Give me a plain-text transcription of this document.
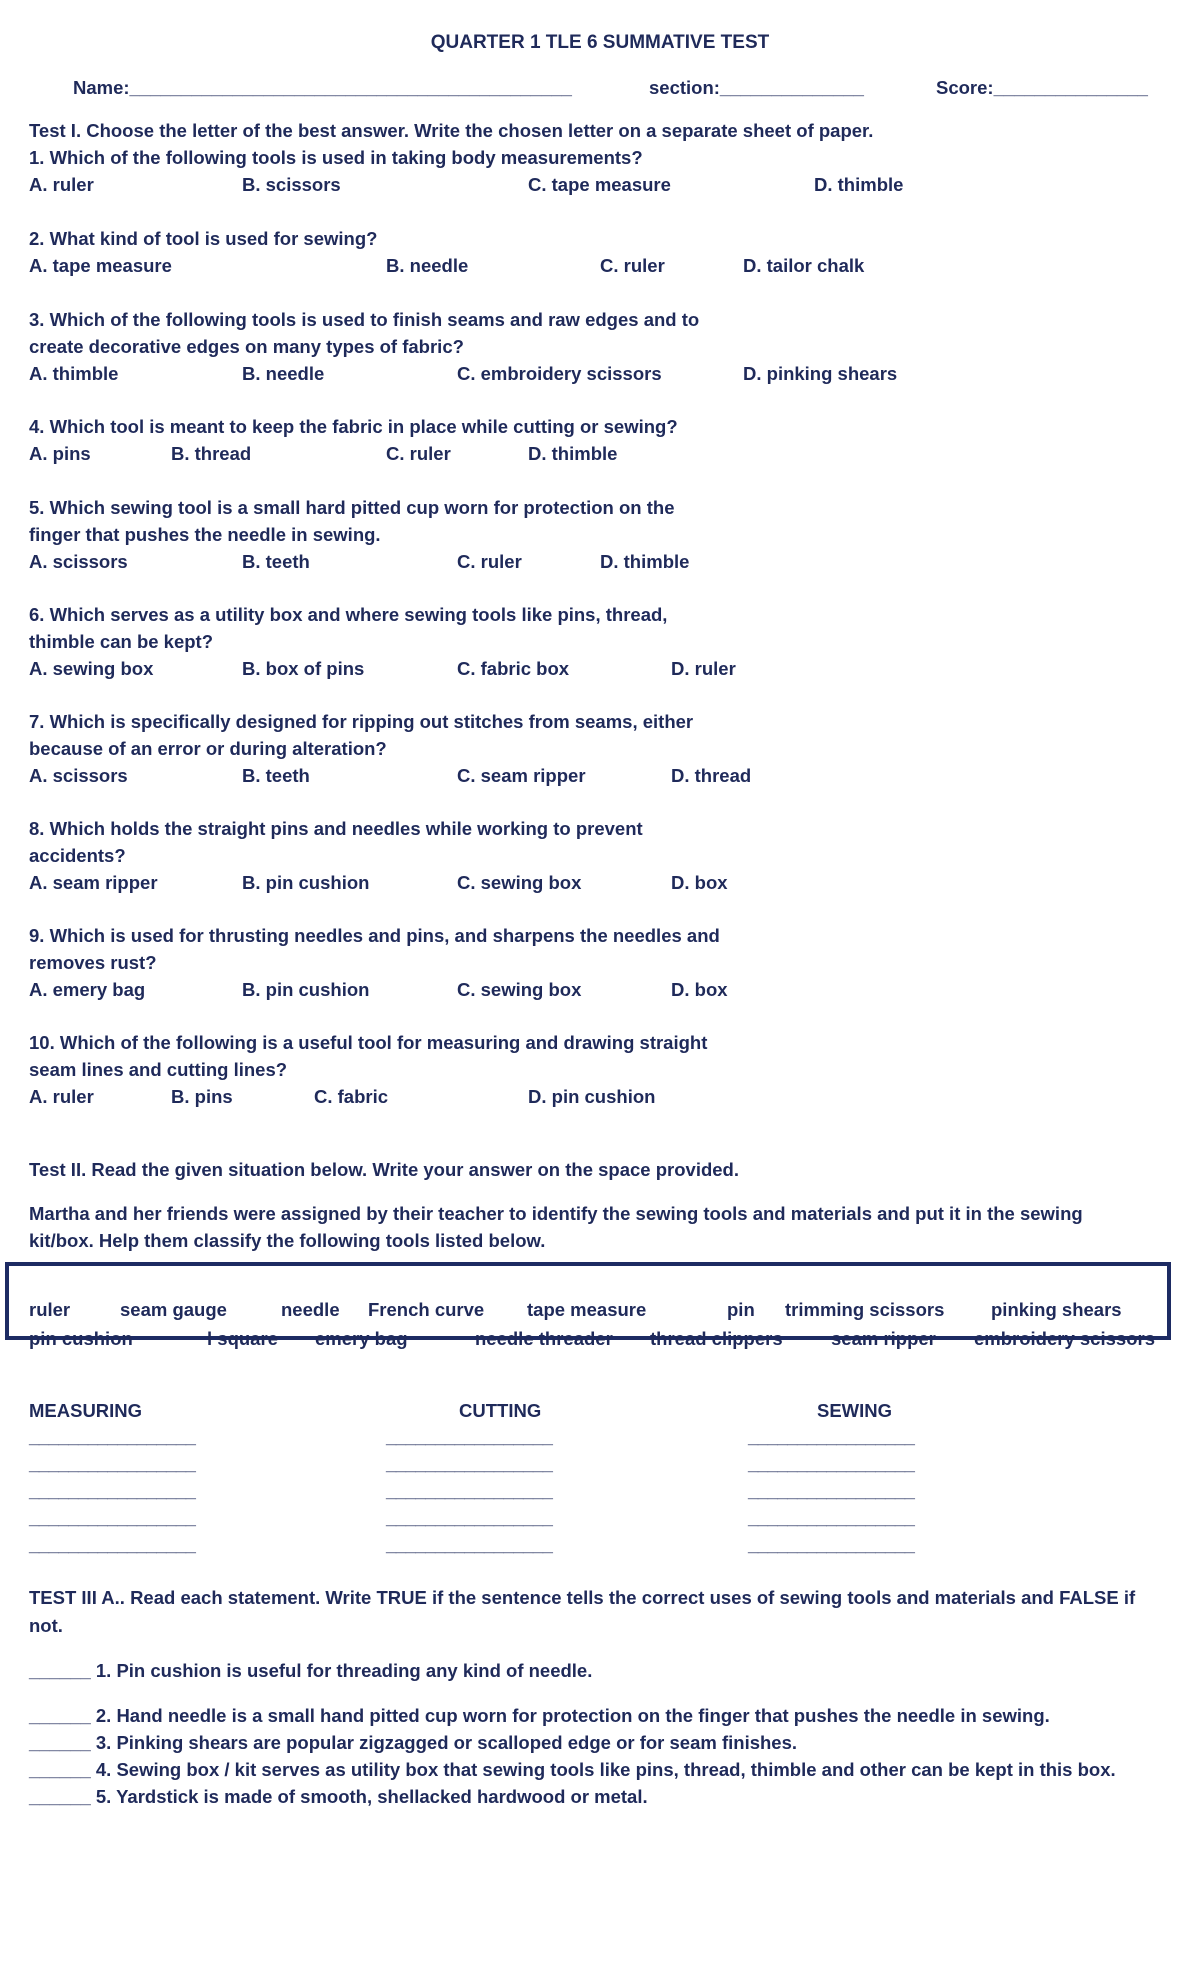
QUARTER 1 TLE 6 SUMMATIVE TEST
Name:___________________________________________	section:______________	Score:_______________
Test I. Choose the letter of the best answer. Write the chosen letter on a separate sheet of paper.
1. Which of the following tools is used in taking body measurements?
A. ruler	B. scissors	C. tape measure	D. thimble
2. What kind of tool is used for sewing?
A. tape measure	B. needle	C. ruler	D. tailor chalk
3. Which of the following tools is used to finish seams and raw edges and to
create decorative edges on many types of fabric?
A. thimble	B. needle	C. embroidery scissors	D. pinking shears
4. Which tool is meant to keep the fabric in place while cutting or sewing?
A. pins	B. thread	C. ruler	D. thimble
5. Which sewing tool is a small hard pitted cup worn for protection on the
finger that pushes the needle in sewing.
A. scissors	B. teeth	C. ruler	D. thimble
6. Which serves as a utility box and where sewing tools like pins, thread,
thimble can be kept?
A. sewing box	B. box of pins	C. fabric box	D. ruler
7. Which is specifically designed for ripping out stitches from seams, either
because of an error or during alteration?
A. scissors	B. teeth	C. seam ripper	D. thread
8. Which holds the straight pins and needles while working to prevent
accidents?
A. seam ripper	B. pin cushion	C. sewing box	D. box
9. Which is used for thrusting needles and pins, and sharpens the needles and
removes rust?
A. emery bag	B. pin cushion	C. sewing box	D. box
10. Which of the following is a useful tool for measuring and drawing straight
seam lines and cutting lines?
A. ruler	B. pins	C. fabric	D. pin cushion
Test II. Read the given situation below. Write your answer on the space provided.
Martha and her friends were assigned by their teacher to identify the sewing tools and materials and put it in the sewing
kit/box. Help them classify the following tools listed below.
ruler	seam gauge	needle French curve tape measure	pin trimming scissors	pinking shears
pin cushion	l square emery bag	needle threader thread clippers	seam ripper embroidery scissors
MEASURING	CUTTING	SEWING
_________________	_________________	_________________
_________________	_________________	_________________
_________________	_________________	_________________
_________________	_________________	_________________
_________________	_________________	_________________
TEST III A.. Read each statement. Write TRUE if the sentence tells the correct uses of sewing tools and materials and FALSE if
not.
______ 1. Pin cushion is useful for threading any kind of needle.
______ 2. Hand needle is a small hand pitted cup worn for protection on the finger that pushes the needle in sewing.
______ 3. Pinking shears are popular zigzagged or scalloped edge or for seam finishes.
______ 4. Sewing box / kit serves as utility box that sewing tools like pins, thread, thimble and other can be kept in this box.
______ 5. Yardstick is made of smooth, shellacked hardwood or metal.
